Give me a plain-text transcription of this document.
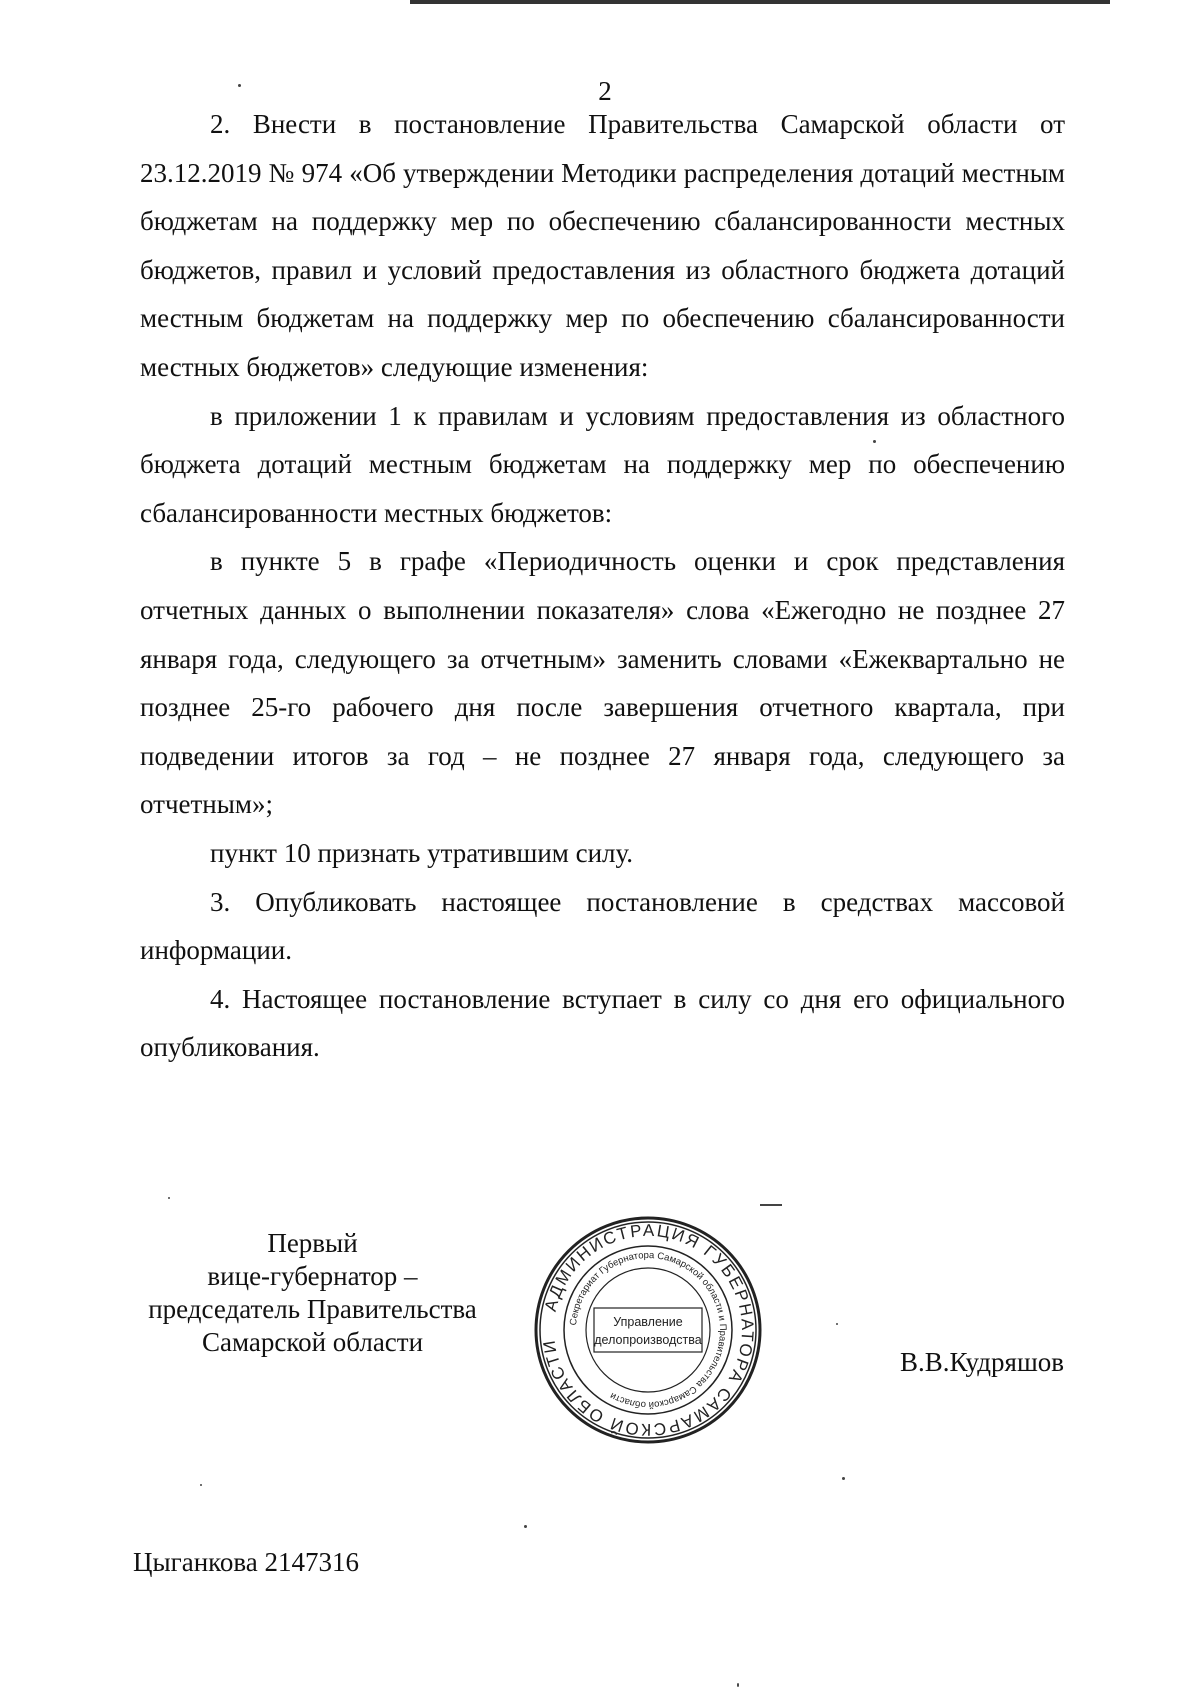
2

2. Внести в постановление Правительства Самарской области от 23.12.2019 № 974 «Об утверждении Методики распределения дотаций местным бюджетам на поддержку мер по обеспечению сбалансированности местных бюджетов, правил и условий предоставления из областного бюджета дотаций местным бюджетам на поддержку мер по обеспечению сбалансированности местных бюджетов» следующие изменения:

в приложении 1 к правилам и условиям предоставления из областного бюджета дотаций местным бюджетам на поддержку мер по обеспечению сбалансированности местных бюджетов:

в пункте 5 в графе «Периодичность оценки и срок представления отчетных данных о выполнении показателя» слова «Ежегодно не позднее 27 января года, следующего за отчетным» заменить словами «Ежеквартально не позднее 25-го рабочего дня после завершения отчетного квартала, при подведении итогов за год – не позднее 27 января года, следующего за отчетным»;

пункт 10 признать утратившим силу.

3. Опубликовать настоящее постановление в средствах массовой информации.

4. Настоящее постановление вступает в силу со дня его официального опубликования.

Первый
вице-губернатор –
председатель Правительства
Самарской области
АДМИНИСТРАЦИЯ ГУБЕРНАТОРА САМАРСКОЙ ОБЛАСТИ
Секретариат Губернатора Самарской области и Правительства Самарской области
Управление
делопроизводства
В.В.Кудряшов
Цыганкова 2147316
